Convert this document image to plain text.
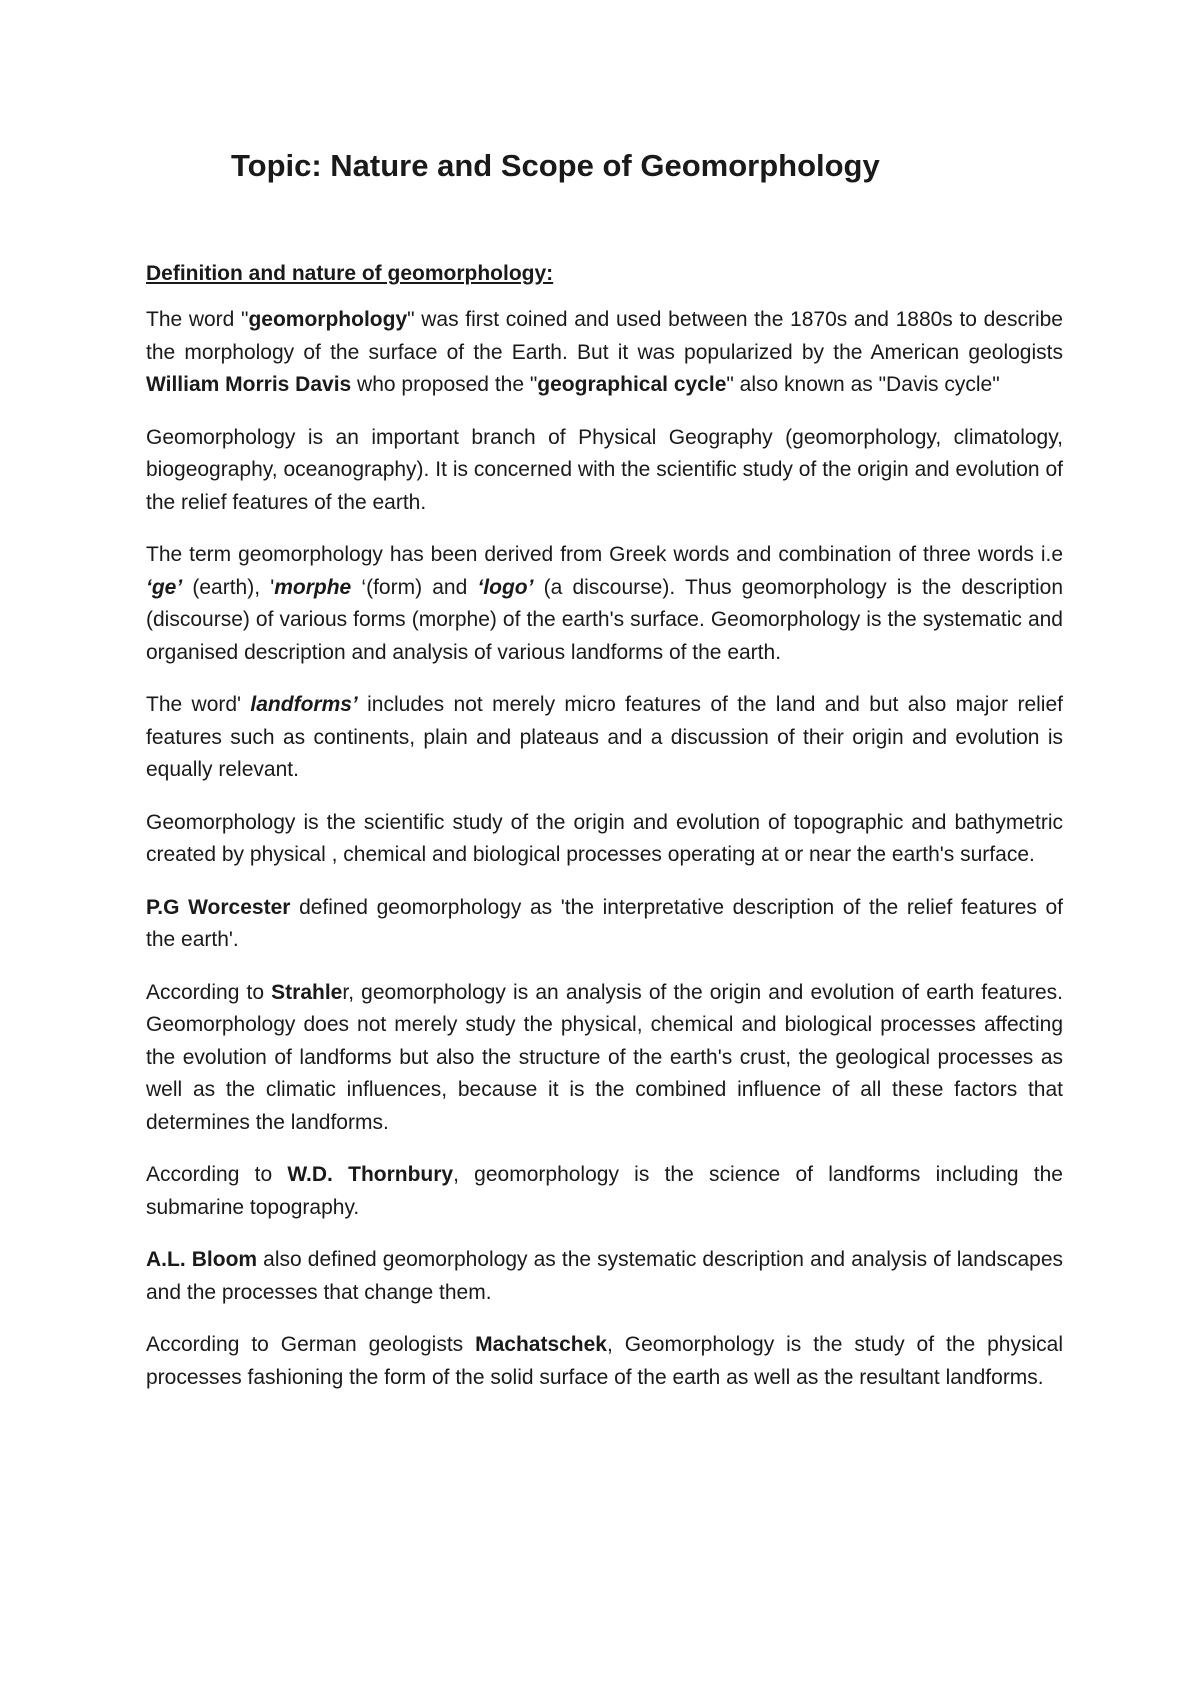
Topic: Nature and Scope of Geomorphology
Definition and nature of geomorphology:

The word "geomorphology" was first coined and used between the 1870s and 1880s to describe the morphology of the surface of the Earth. But it was popularized by the American geologists William Morris Davis who proposed the "geographical cycle" also known as "Davis cycle"

Geomorphology is an important branch of Physical Geography (geomorphology, climatology, biogeography, oceanography). It is concerned with the scientific study of the origin and evolution of the relief features of the earth.

The term geomorphology has been derived from Greek words and combination of three words i.e ‘ge’ (earth), 'morphe ‘(form) and ‘logo’ (a discourse). Thus geomorphology is the description (discourse) of various forms (morphe) of the earth's surface. Geomorphology is the systematic and organised description and analysis of various landforms of the earth.

The word' landforms’ includes not merely micro features of the land and but also major relief features such as continents, plain and plateaus and a discussion of their origin and evolution is equally relevant.

Geomorphology is the scientific study of the origin and evolution of topographic and bathymetric created by physical , chemical and biological processes operating at or near the earth's surface.

P.G Worcester defined geomorphology as 'the interpretative description of the relief features of the earth'.

According to Strahler, geomorphology is an analysis of the origin and evolution of earth features. Geomorphology does not merely study the physical, chemical and biological processes affecting the evolution of landforms but also the structure of the earth's crust, the geological processes as well as the climatic influences, because it is the combined influence of all these factors that determines the landforms.

According to W.D. Thornbury, geomorphology is the science of landforms including the submarine topography.

A.L. Bloom also defined geomorphology as the systematic description and analysis of landscapes and the processes that change them.

According to German geologists Machatschek, Geomorphology is the study of the physical processes fashioning the form of the solid surface of the earth as well as the resultant landforms.
